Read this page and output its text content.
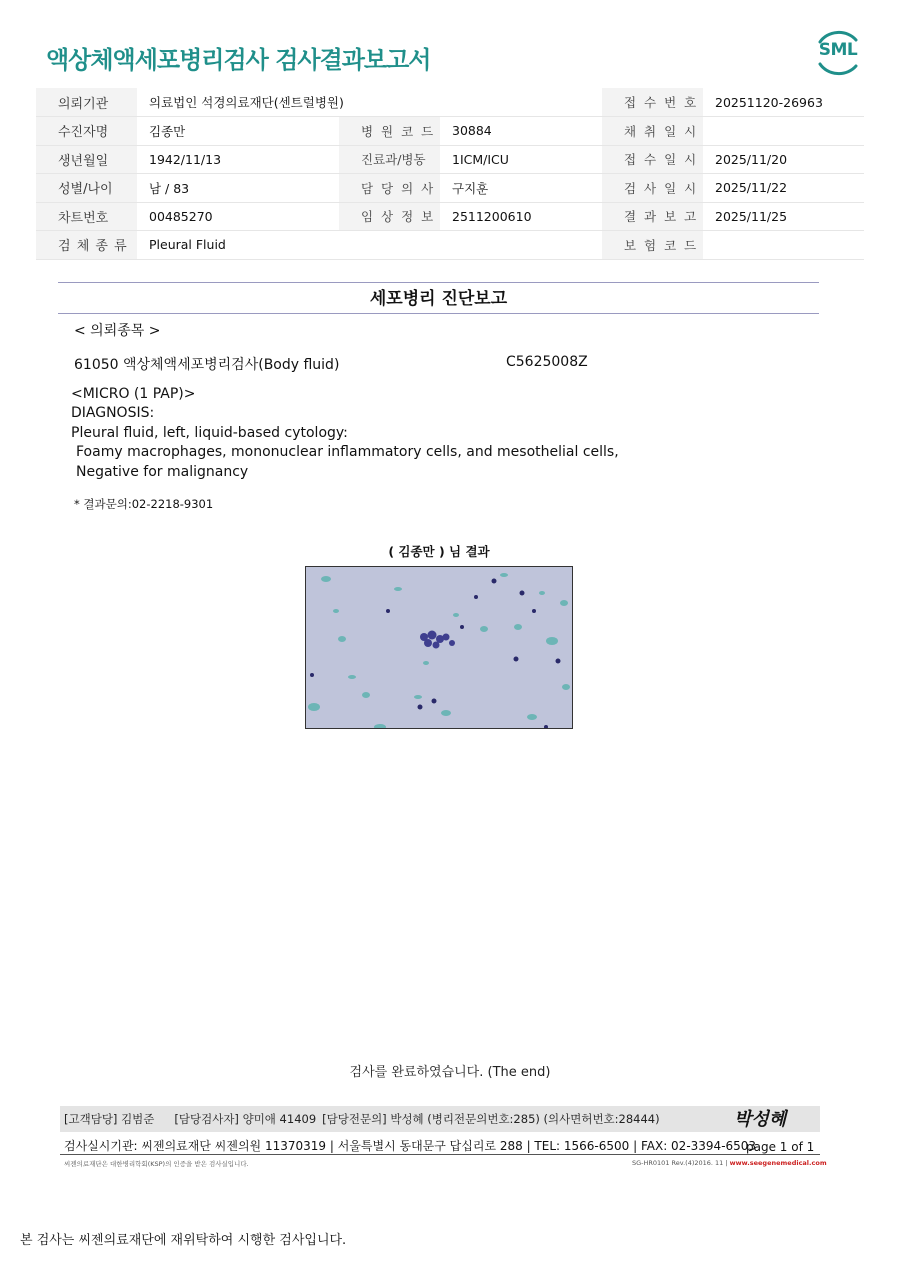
액상체액세포병리검사 검사결과보고서	SML
의뢰기관	의료법인 석경의료재단(센트럴병원)			접 수 번 호	20251120-26963
수진자명	김종만	병 원 코 드	30884	채 취 일 시	
생년월일	1942/11/13	진료과/병동	1ICM/ICU	접 수 일 시	2025/11/20
성별/나이	남 / 83	담 당 의 사	구지훈	검 사 일 시	2025/11/22
차트번호	00485270	임 상 정 보	2511200610	결 과 보 고	2025/11/25
검 체 종 류	Pleural Fluid			보 험 코 드	
세포병리 진단보고
< 의뢰종목 >
61050 액상체액세포병리검사(Body fluid)	C5625008Z
<MICRO (1 PAP)>
DIAGNOSIS:
Pleural fluid, left, liquid-based cytology:
Foamy macrophages, mononuclear inflammatory cells, and mesothelial cells,
Negative for malignancy
* 결과문의:02-2218-9301
( 김종만 ) 님 결과
검사를 완료하였습니다. (The end)
[고객담당] 김범준 [담당검사자] 양미애 41409 [담당전문의] 박성혜 (병리전문의번호:285) (의사면허번호:28444)	박성혜
검사실시기관: 씨젠의료재단 씨젠의원 11370319 | 서울특별시 동대문구 답십리로 288 | TEL: 1566-6500 | FAX: 02-3394-6503
page 1 of 1
씨젠의료재단은 대한병리학회(KSP)의 인증을 받은 검사실입니다.	SG-HR0101 Rev.(4)2016. 11 | www.seegenemedical.com
본 검사는 씨젠의료재단에 재위탁하여 시행한 검사입니다.
